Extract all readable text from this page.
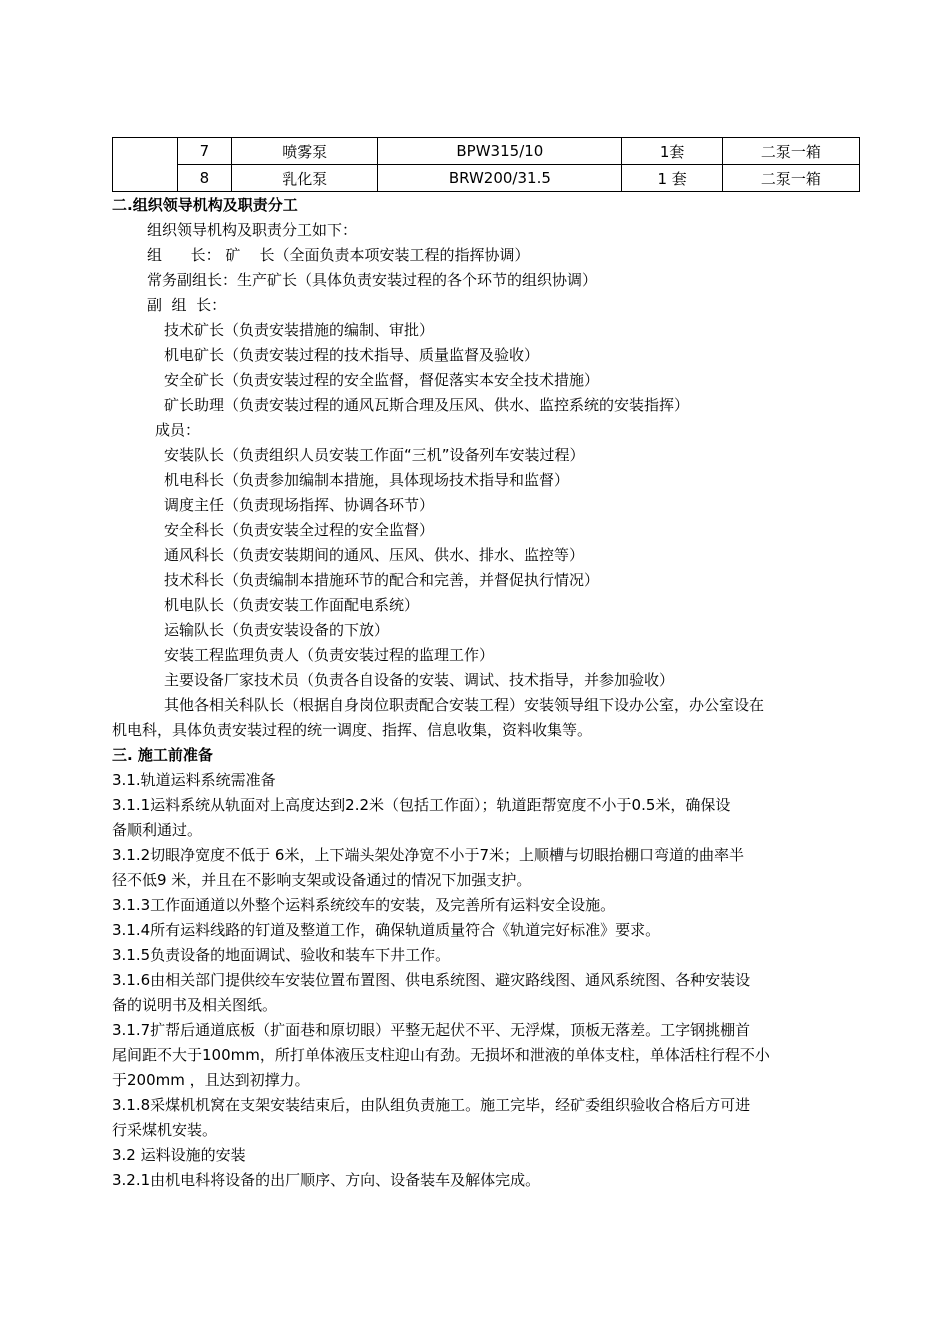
	7	喷雾泵	BPW315/10	1套	二泵一箱
	8	乳化泵	BRW200/31.5	1 套	二泵一箱
二.组织领导机构及职责分工
组织领导机构及职责分工如下：
组      长： 矿    长（全面负责本项安装工程的指挥协调）
常务副组长：生产矿长（具体负责安装过程的各个环节的组织协调）
副  组  长：
技术矿长（负责安装措施的编制、审批）
机电矿长（负责安装过程的技术指导、质量监督及验收）
安全矿长（负责安装过程的安全监督，督促落实本安全技术措施）
矿长助理（负责安装过程的通风瓦斯合理及压风、供水、监控系统的安装指挥）
成员：
安装队长（负责组织人员安装工作面“三机”设备列车安装过程）
机电科长（负责参加编制本措施，具体现场技术指导和监督）
调度主任（负责现场指挥、协调各环节）
安全科长（负责安装全过程的安全监督）
通风科长（负责安装期间的通风、压风、供水、排水、监控等）
技术科长（负责编制本措施环节的配合和完善，并督促执行情况）
机电队长（负责安装工作面配电系统）
运输队长（负责安装设备的下放）
安装工程监理负责人（负责安装过程的监理工作）
主要设备厂家技术员（负责各自设备的安装、调试、技术指导，并参加验收）
其他各相关科队长（根据自身岗位职责配合安装工程）安装领导组下设办公室，办公室设在
机电科，具体负责安装过程的统一调度、指挥、信息收集，资料收集等。
三. 施工前准备
3.1.轨道运料系统需准备
3.1.1运料系统从轨面对上高度达到2.2米（包括工作面）；轨道距帮宽度不小于0.5米，确保设
备顺利通过。
3.1.2切眼净宽度不低于 6米，上下端头架处净宽不小于7米；上顺槽与切眼抬棚口弯道的曲率半
径不低9 米，并且在不影响支架或设备通过的情况下加强支护。
3.1.3工作面通道以外整个运料系统绞车的安装，及完善所有运料安全设施。
3.1.4所有运料线路的钉道及整道工作，确保轨道质量符合《轨道完好标准》要求。
3.1.5负责设备的地面调试、验收和装车下井工作。
3.1.6由相关部门提供绞车安装位置布置图、供电系统图、避灾路线图、通风系统图、各种安装设
备的说明书及相关图纸。
3.1.7扩帮后通道底板（扩面巷和原切眼）平整无起伏不平、无浮煤，顶板无落差。工字钢挑棚首
尾间距不大于100mm，所打单体液压支柱迎山有劲。无损坏和泄液的单体支柱，单体活柱行程不小
于200mm ，且达到初撑力。
3.1.8采煤机机窝在支架安装结束后，由队组负责施工。施工完毕，经矿委组织验收合格后方可进
行采煤机安装。
3.2 运料设施的安装
3.2.1由机电科将设备的出厂顺序、方向、设备装车及解体完成。
